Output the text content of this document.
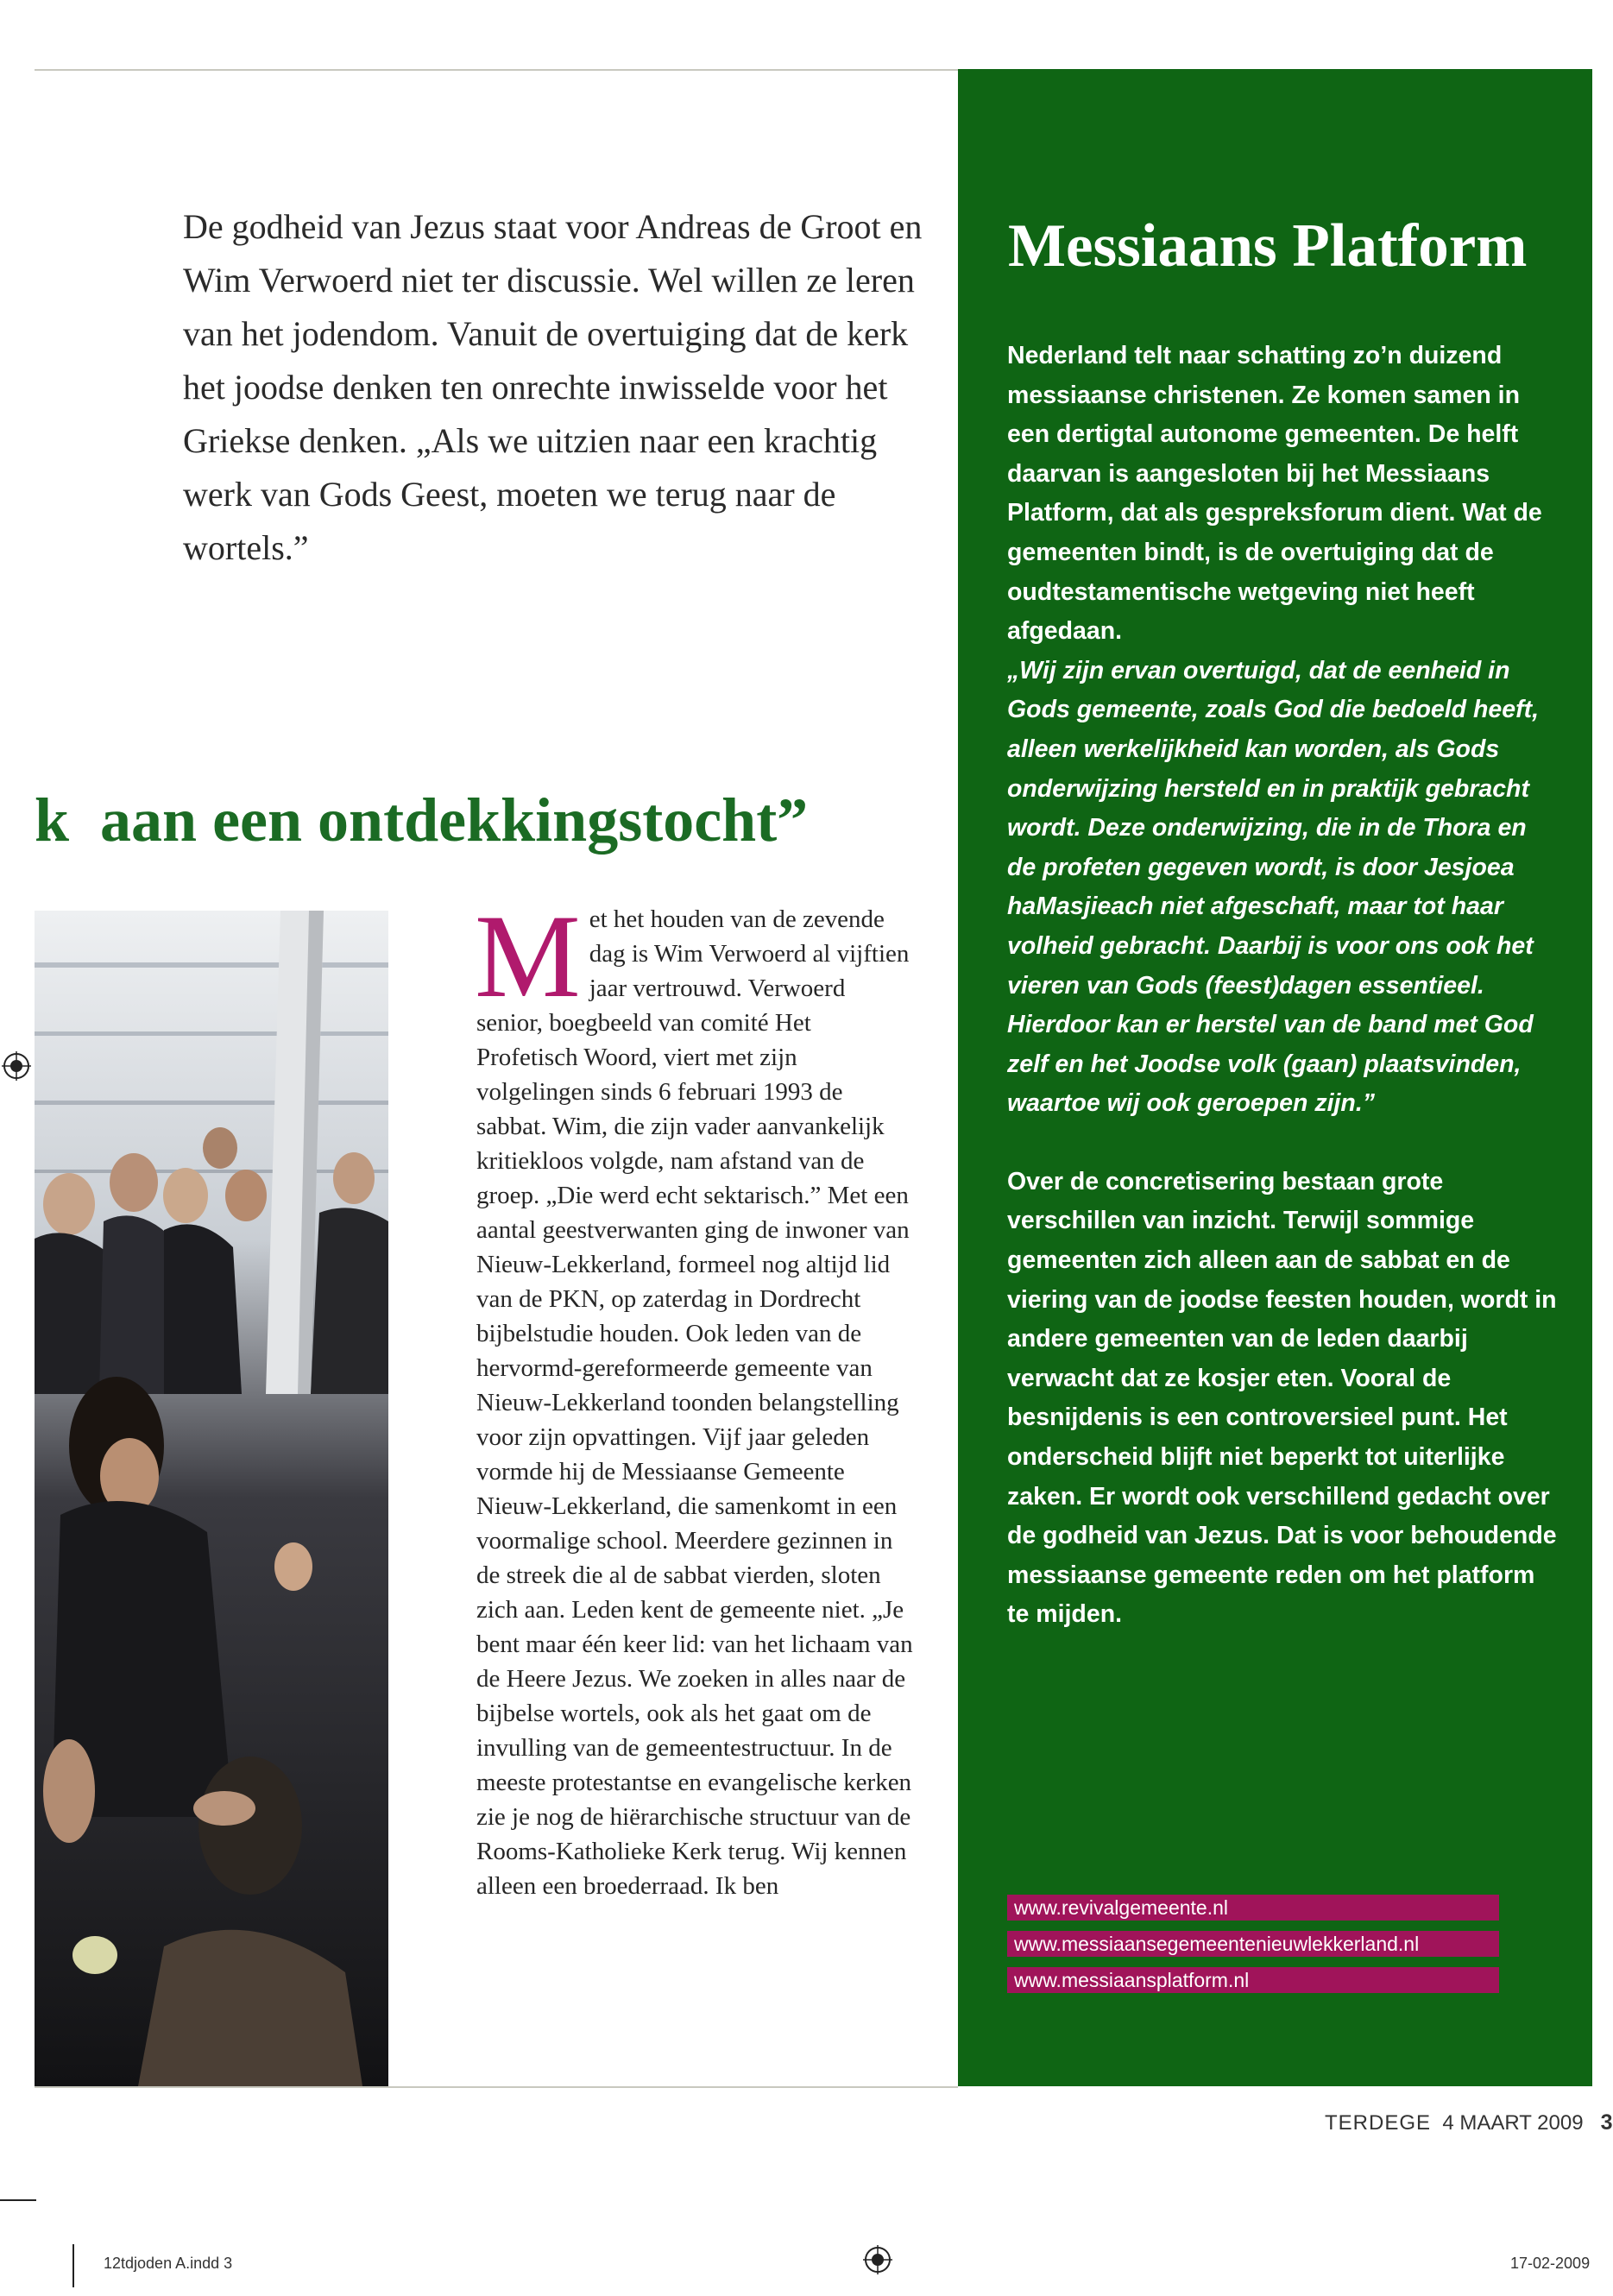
De godheid van Jezus staat voor Andreas de Groot en Wim Verwoerd niet ter discussie. Wel willen ze leren van het jodendom. Vanuit de overtuiging dat de kerk het joodse denken ten onrechte inwisselde voor het Griekse denken. „Als we uitzien naar een krachtig werk van Gods Geest, moeten we terug naar de wortels.”

k aan een ontdekkingstocht”
Met het houden van de zevende dag is Wim Verwoerd al vijftien jaar vertrouwd. Verwoerd senior, boegbeeld van comité Het Profetisch Woord, viert met zijn volgelingen sinds 6 februari 1993 de sabbat. Wim, die zijn vader aanvankelijk kritiekloos volgde, nam afstand van de groep. „Die werd echt sektarisch.” Met een aantal geestverwanten ging de inwoner van Nieuw-Lekkerland, formeel nog altijd lid van de PKN, op zaterdag in Dordrecht bijbelstudie houden. Ook leden van de hervormd-gereformeerde gemeente van Nieuw-Lekkerland toonden belangstelling voor zijn opvattingen. Vijf jaar geleden vormde hij de Messiaanse Gemeente Nieuw-Lekkerland, die samenkomt in een voormalige school. Meerdere gezinnen in de streek die al de sabbat vierden, sloten zich aan. Leden kent de gemeente niet. „Je bent maar één keer lid: van het lichaam van de Heere Jezus. We zoeken in alles naar de bijbelse wortels, ook als het gaat om de invulling van de gemeentestructuur. In de meeste protestantse en evangelische kerken zie je nog de hiërarchische structuur van de Rooms-Katholieke Kerk terug. Wij kennen alleen een broederraad. Ik ben
Messiaans Platform

Nederland telt naar schatting zo’n duizend messiaanse christenen. Ze komen samen in een dertigtal autonome gemeenten. De helft daarvan is aangesloten bij het Messiaans Platform, dat als gespreksforum dient. Wat de gemeenten bindt, is de overtuiging dat de oudtestamentische wetgeving niet heeft afgedaan.

„Wij zijn ervan overtuigd, dat de eenheid in Gods gemeente, zoals God die bedoeld heeft, alleen werkelijkheid kan worden, als Gods onderwijzing hersteld en in praktijk gebracht wordt. Deze onderwijzing, die in de Thora en de profeten gegeven wordt, is door Jesjoea haMasjieach niet afgeschaft, maar tot haar volheid gebracht. Daarbij is voor ons ook het vieren van Gods (feest)dagen essentieel. Hierdoor kan er herstel van de band met God zelf en het Joodse volk (gaan) plaatsvinden, waartoe wij ook geroepen zijn.”

Over de concretisering bestaan grote verschillen van inzicht. Terwijl sommige gemeenten zich alleen aan de sabbat en de viering van de joodse feesten houden, wordt in andere gemeenten van de leden daarbij verwacht dat ze kosjer eten. Vooral de besnijdenis is een controversieel punt. Het onderscheid blijft niet beperkt tot uiterlijke zaken. Er wordt ook verschillend gedacht over de godheid van Jezus. Dat is voor behoudende messiaanse gemeente reden om het platform te mijden.

www.revivalgemeente.nl
www.messiaansegemeentenieuwlekkerland.nl
www.messiaansplatform.nl
TERDEGE 4 MAART 2009 3
12tdjoden A.indd 3	17-02-2009
